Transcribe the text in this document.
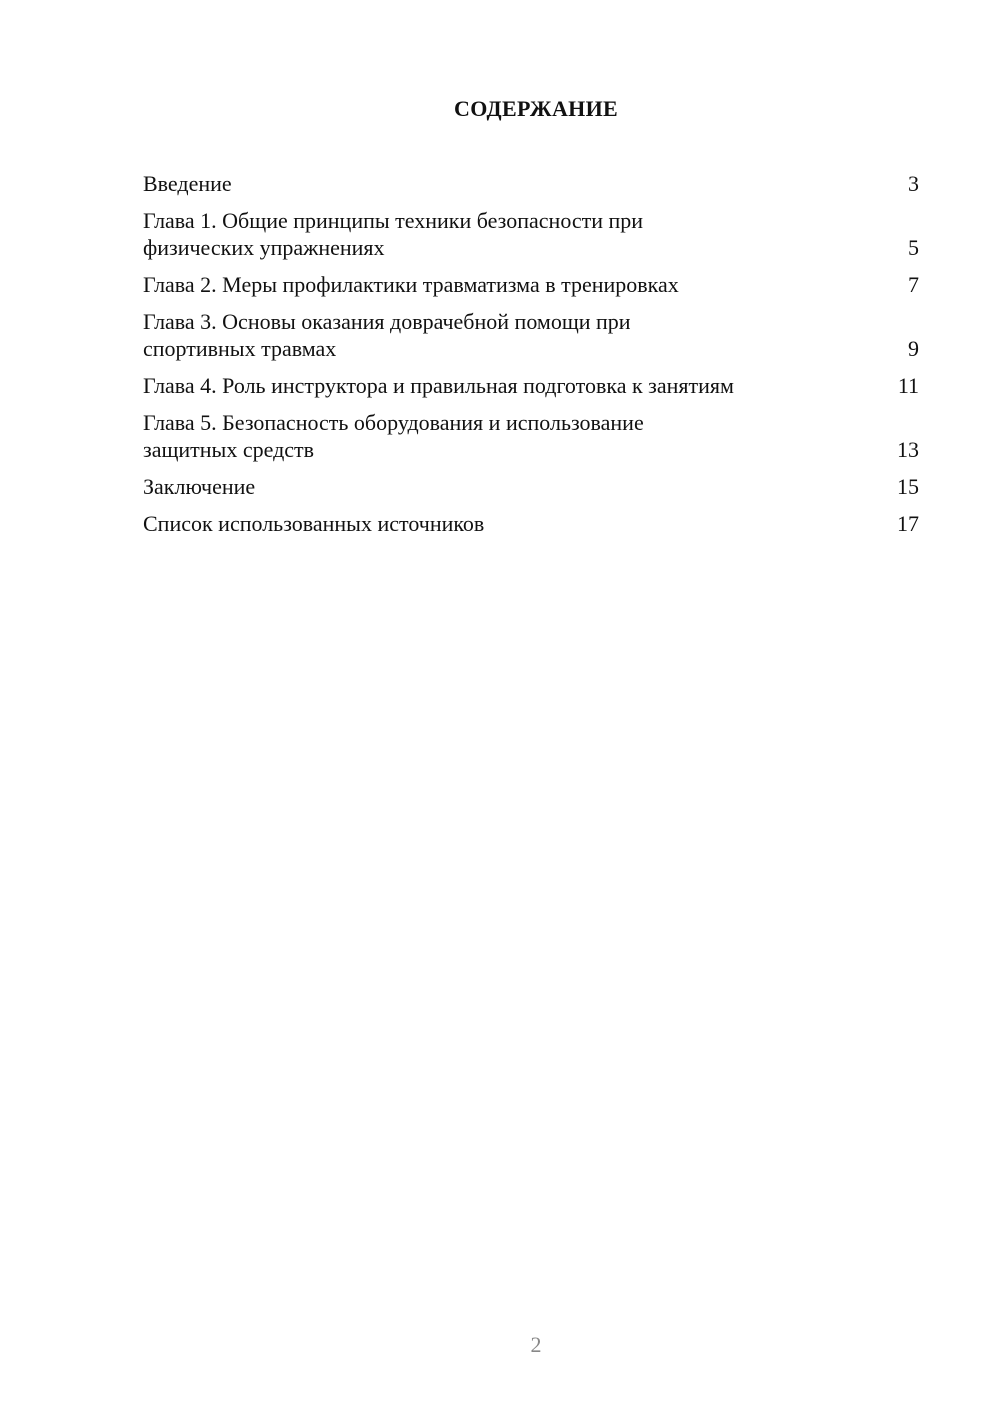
СОДЕРЖАНИЕ
Введение	3
Глава 1. Общие принципы техники безопасности при
физических упражнениях	5
Глава 2. Меры профилактики травматизма в тренировках	7
Глава 3. Основы оказания доврачебной помощи при
спортивных травмах	9
Глава 4. Роль инструктора и правильная подготовка к занятиям	11
Глава 5. Безопасность оборудования и использование
защитных средств	13
Заключение	15
Список использованных источников	17
2
